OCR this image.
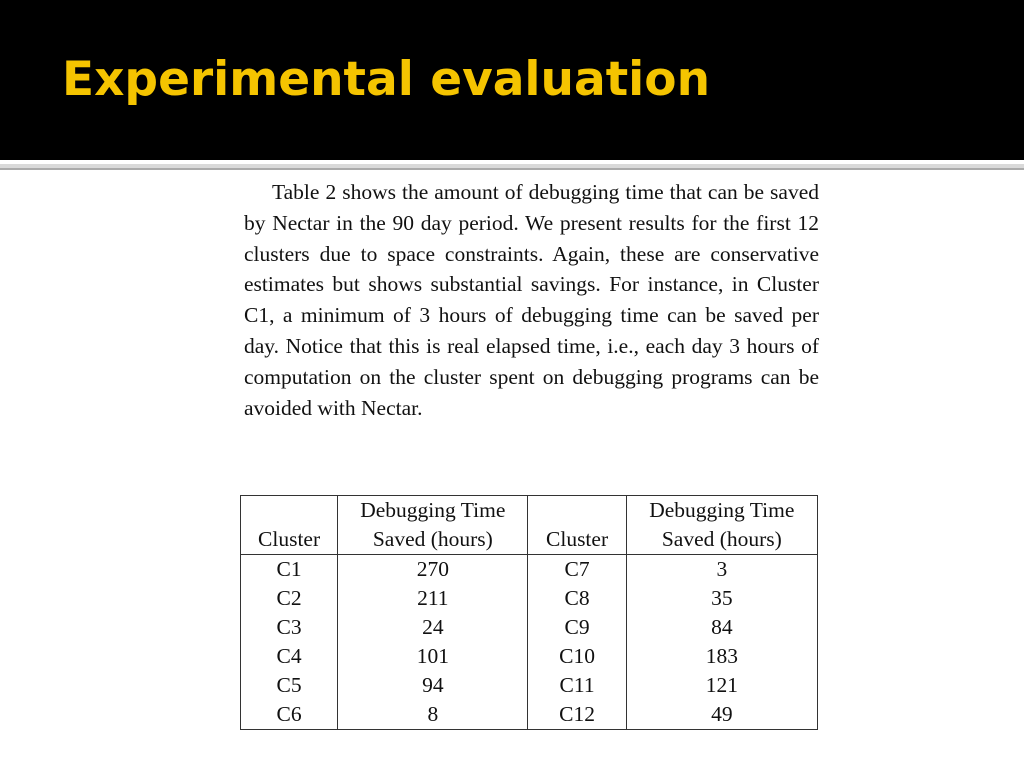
Experimental evaluation

Table 2 shows the amount of debugging time that can be saved by Nectar in the 90 day period. We present results for the first 12 clusters due to space constraints. Again, these are conservative estimates but shows substantial savings. For instance, in Cluster C1, a minimum of 3 hours of debugging time can be saved per day. Notice that this is real elapsed time, i.e., each day 3 hours of computation on the cluster spent on debugging programs can be avoided with Nectar.

	Debugging Time		Debugging Time
Cluster	Saved (hours)	Cluster	Saved (hours)
C1	270	C7	3
C2	211	C8	35
C3	24	C9	84
C4	101	C10	183
C5	94	C11	121
C6	8	C12	49
